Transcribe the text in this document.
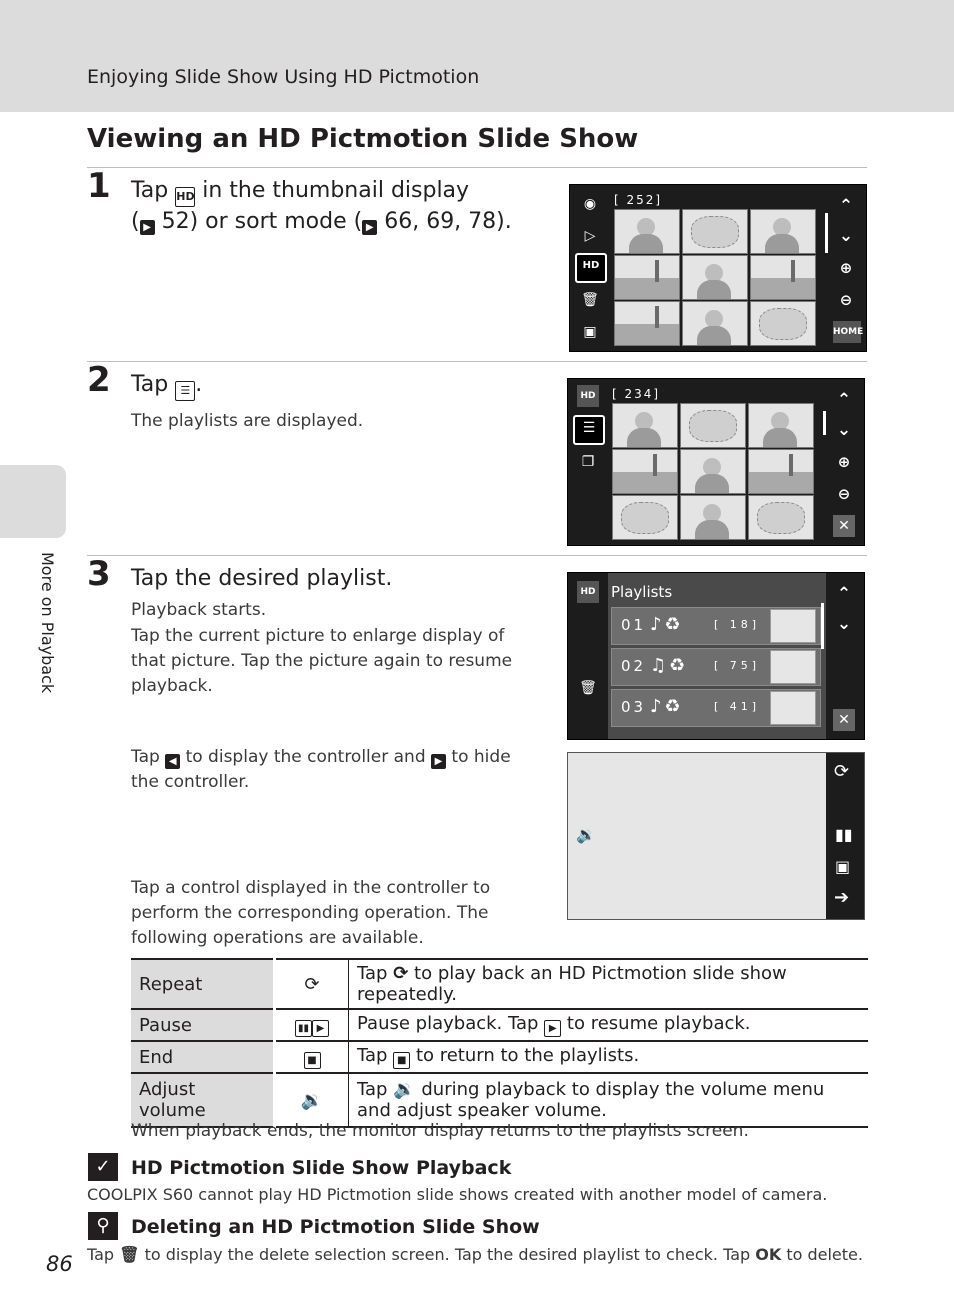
Enjoying Slide Show Using HD Pictmotion
More on Playback
Viewing an HD Pictmotion Slide Show
1 Tap HD in the thumbnail display
( ▶ 52) or sort mode ( ▶ 66, 69, 78).
◉
▷
HD
🗑
▣
[ 252]	⌃
⌄
⊕
⊖
HOME
2 Tap ☰ .
The playlists are displayed.
HD
☰
❐
[ 234]	⌃
⌄
⊕
⊖
✕
3 Tap the desired playlist.
Playback starts.
Tap the current picture to enlarge display of that picture. Tap the picture again to resume playback.
Tap ◀ to display the controller and ▶ to hide the controller.
Tap a control displayed in the controller to perform the corresponding operation. The following operations are available.
HD
🗑
Playlists
01 ♪♻	[ 18]
02 ♫♻ [ 75]
03 ♪♻	[ 41]
⌃
⌄
✕
🔉
⟳
▮▮
▣
➔
Repeat	⟳	Tap ⟳ to play back an HD Pictmotion slide show repeatedly.
Pause	▮▮ ▶	Pause playback. Tap ▶ to resume playback.
End	■	Tap ■ to return to the playlists.
Adjust volume	🔉	Tap 🔉 during playback to display the volume menu and adjust speaker volume.
When playback ends, the monitor display returns to the playlists screen.
✓	HD Pictmotion Slide Show Playback
COOLPIX S60 cannot play HD Pictmotion slide shows created with another model of camera.
⚲	Deleting an HD Pictmotion Slide Show
Tap 🗑 to display the delete selection screen. Tap the desired playlist to check. Tap OK to delete.
86
